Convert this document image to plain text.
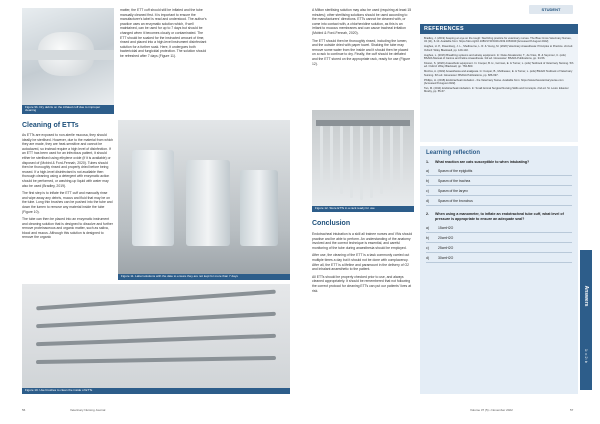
STUDENT
Figure 9b. Dry debris on the inflated cuff due to improper cleaning
Cleaning of ETTs

As ETTs are exposed to non-sterile mucosa, they should ideally be sterilised. However, due to the material from which they are made, they are heat-sensitive and cannot be autoclaved, so instead require a high level of disinfection. If an ETT has been used for an infectious patient, it should either be sterilised using ethylene oxide (if it is available) or disposed of (Mcbird & Ford-Fennah, 2020). Tubes should then be thoroughly rinsed and properly dried before being reused. If a high-level disinfectant is not available then thorough cleaning using a detergent with enzymatic action should be performed, or washing-up liquid with water may also be used (Bradley, 2019).

The first step is to inflate the ETT cuff and manually rinse and wipe away any debris, mucus and fluid that may be on the tube. Long thin brushes can be pushed into the tube and down the lumen to remove any material inside the tube (Figure 10).

The tube can then be placed into an enzymatic instrument and cleaning solution that is designed to dissolve and further remove proteinaceous and organic matter, such as saliva, blood and mucus. Although this solution is designed to remove the organic

matter, the ETT cuff should still be inflated and the tube manually cleaned first. It is important to ensure the manufacturer's label is read and understood. The author's practice uses an enzymatic solution which, if well maintained, can be used for up to 7 days but should be changed when it becomes cloudy or contaminated. The ETT should be soaked for the instructed amount of time, rinsed and placed into a high-level instrument disinfectant solution for a further soak. Here, it undergoes both bactericidal and fungicidal protection. The solution should be refreshed after 7 days (Figure 11).

Figure 11. Label solutions with the date to ensure they are not kept for more than 7 days
Figure 10. Use brushes to clean the inside of ETTs
56	Veterinary Nursing Journal

A Milton sterilising solution may also be used (requiring at least 15 minutes); other sterilising solutions should be used according to the manufacturers' directions. ETTs cannot be cleaned with, or come into contact with, a chlorhexidine solution, as this is an irritant to mucous membranes and can cause tracheal irritation (Mcbird & Ford-Fennah, 2020).

The ETT should then be thoroughly rinsed, including the lumen, and the outside dried with paper towel. Shaking the tube may remove some water from the inside and it should then be placed on a rack to continue to dry. Finally, the cuff should be deflated and the ETT stored on the appropriate rack, ready for use (Figure 12).

Figure 12. Store ETTs in a rack ready for use
Conclusion

Endotracheal intubation is a skill all trainee nurses and VNs should practise and be able to perform. An understanding of the anatomy involved and the correct technique is essential, and careful monitoring of the tube during anaesthesia should be employed.

After use, the cleaning of the ETT is a task commonly carried out multiple times a day but it should not be done with complacency. After all, the ETT is a lifeline and paramount in the delivery of O2 and inhalant anaesthetic to the patient.

All ETTs should be properly checked prior to use, and always cleaned appropriately. It should be remembered that not following the correct protocol for cleaning ETTs can put our patients' lives at risk.

REFERENCES
Bradley, J. (2019) Keeping an eye on the tough: Sterilizing practice for veterinary nurses. The Blue Cross Veterinary Nurses, 34 (11), 6-10. Available from: https://doi.org/10.1080/17415349.2019.1663049 [Accessed 8 August 2022].
Hughes, H. P., Rosenberg, J. L., Shelbourne, L. R. & Young, M. (2020) Veterinary Anaesthesia: Principles to Practice. 2nd ed. Oxford: Wiley Blackwell, pp. 129-132.
Hughes, L. (2016) Breathing systems and airway equipment. In: Duke-Novakovski, T., de Vries, M. & Seymour, C. (eds) BSAVA Manual of Canine and Feline Anaesthesia. 3rd ed. Gloucester: BSAVA Publications, pp. 34-56.
Kirwan, S. (2020) Anaesthetic equipment. In: Cooper, B. H., Gorman, E. & Turner, L. (eds) Textbook of Veterinary Nursing. 5th ed. Oxford: Wiley Blackwell, pp. 784-800.
Morriss, A. (2022) Anaesthesia and analgesia. In: Cooper, B., Mullineaux, E. & Turner, L. (eds) BSAVA Textbook of Veterinary Nursing. 6th ed. Gloucester: BSAVA Publications, pp. 686-697.
Phillips, H. (2018) Endotracheal intubation - the Veterinary Nurse. Available from: https://www.theveterinarynurse.com [Accessed 8 August 2022].
Tan, M. (2014) Endotracheal intubation. In: Small Animal Surgical Nursing Skills and Concepts. 2nd ed. St. Louis: Elsevier Mosby, pp. 55-67.
Learning reflection
1.	What reaction are cats susceptible to when intubating?
a)	Spasm of the epiglottis
b)	Spasm of the trachea
c)	Spasm of the larynx
d)	Spasm of the bronchus
2.	When using a manometer, to inflate an endotracheal tube cuff, what level of pressure is appropriate to ensure an adequate seal?
a)	15cmH2O
b)	20cmH2O
c)	25cmH2O
d)	30cmH2O
Answers
1: c 2: b
Volume 37 (5) • November 2022	57
